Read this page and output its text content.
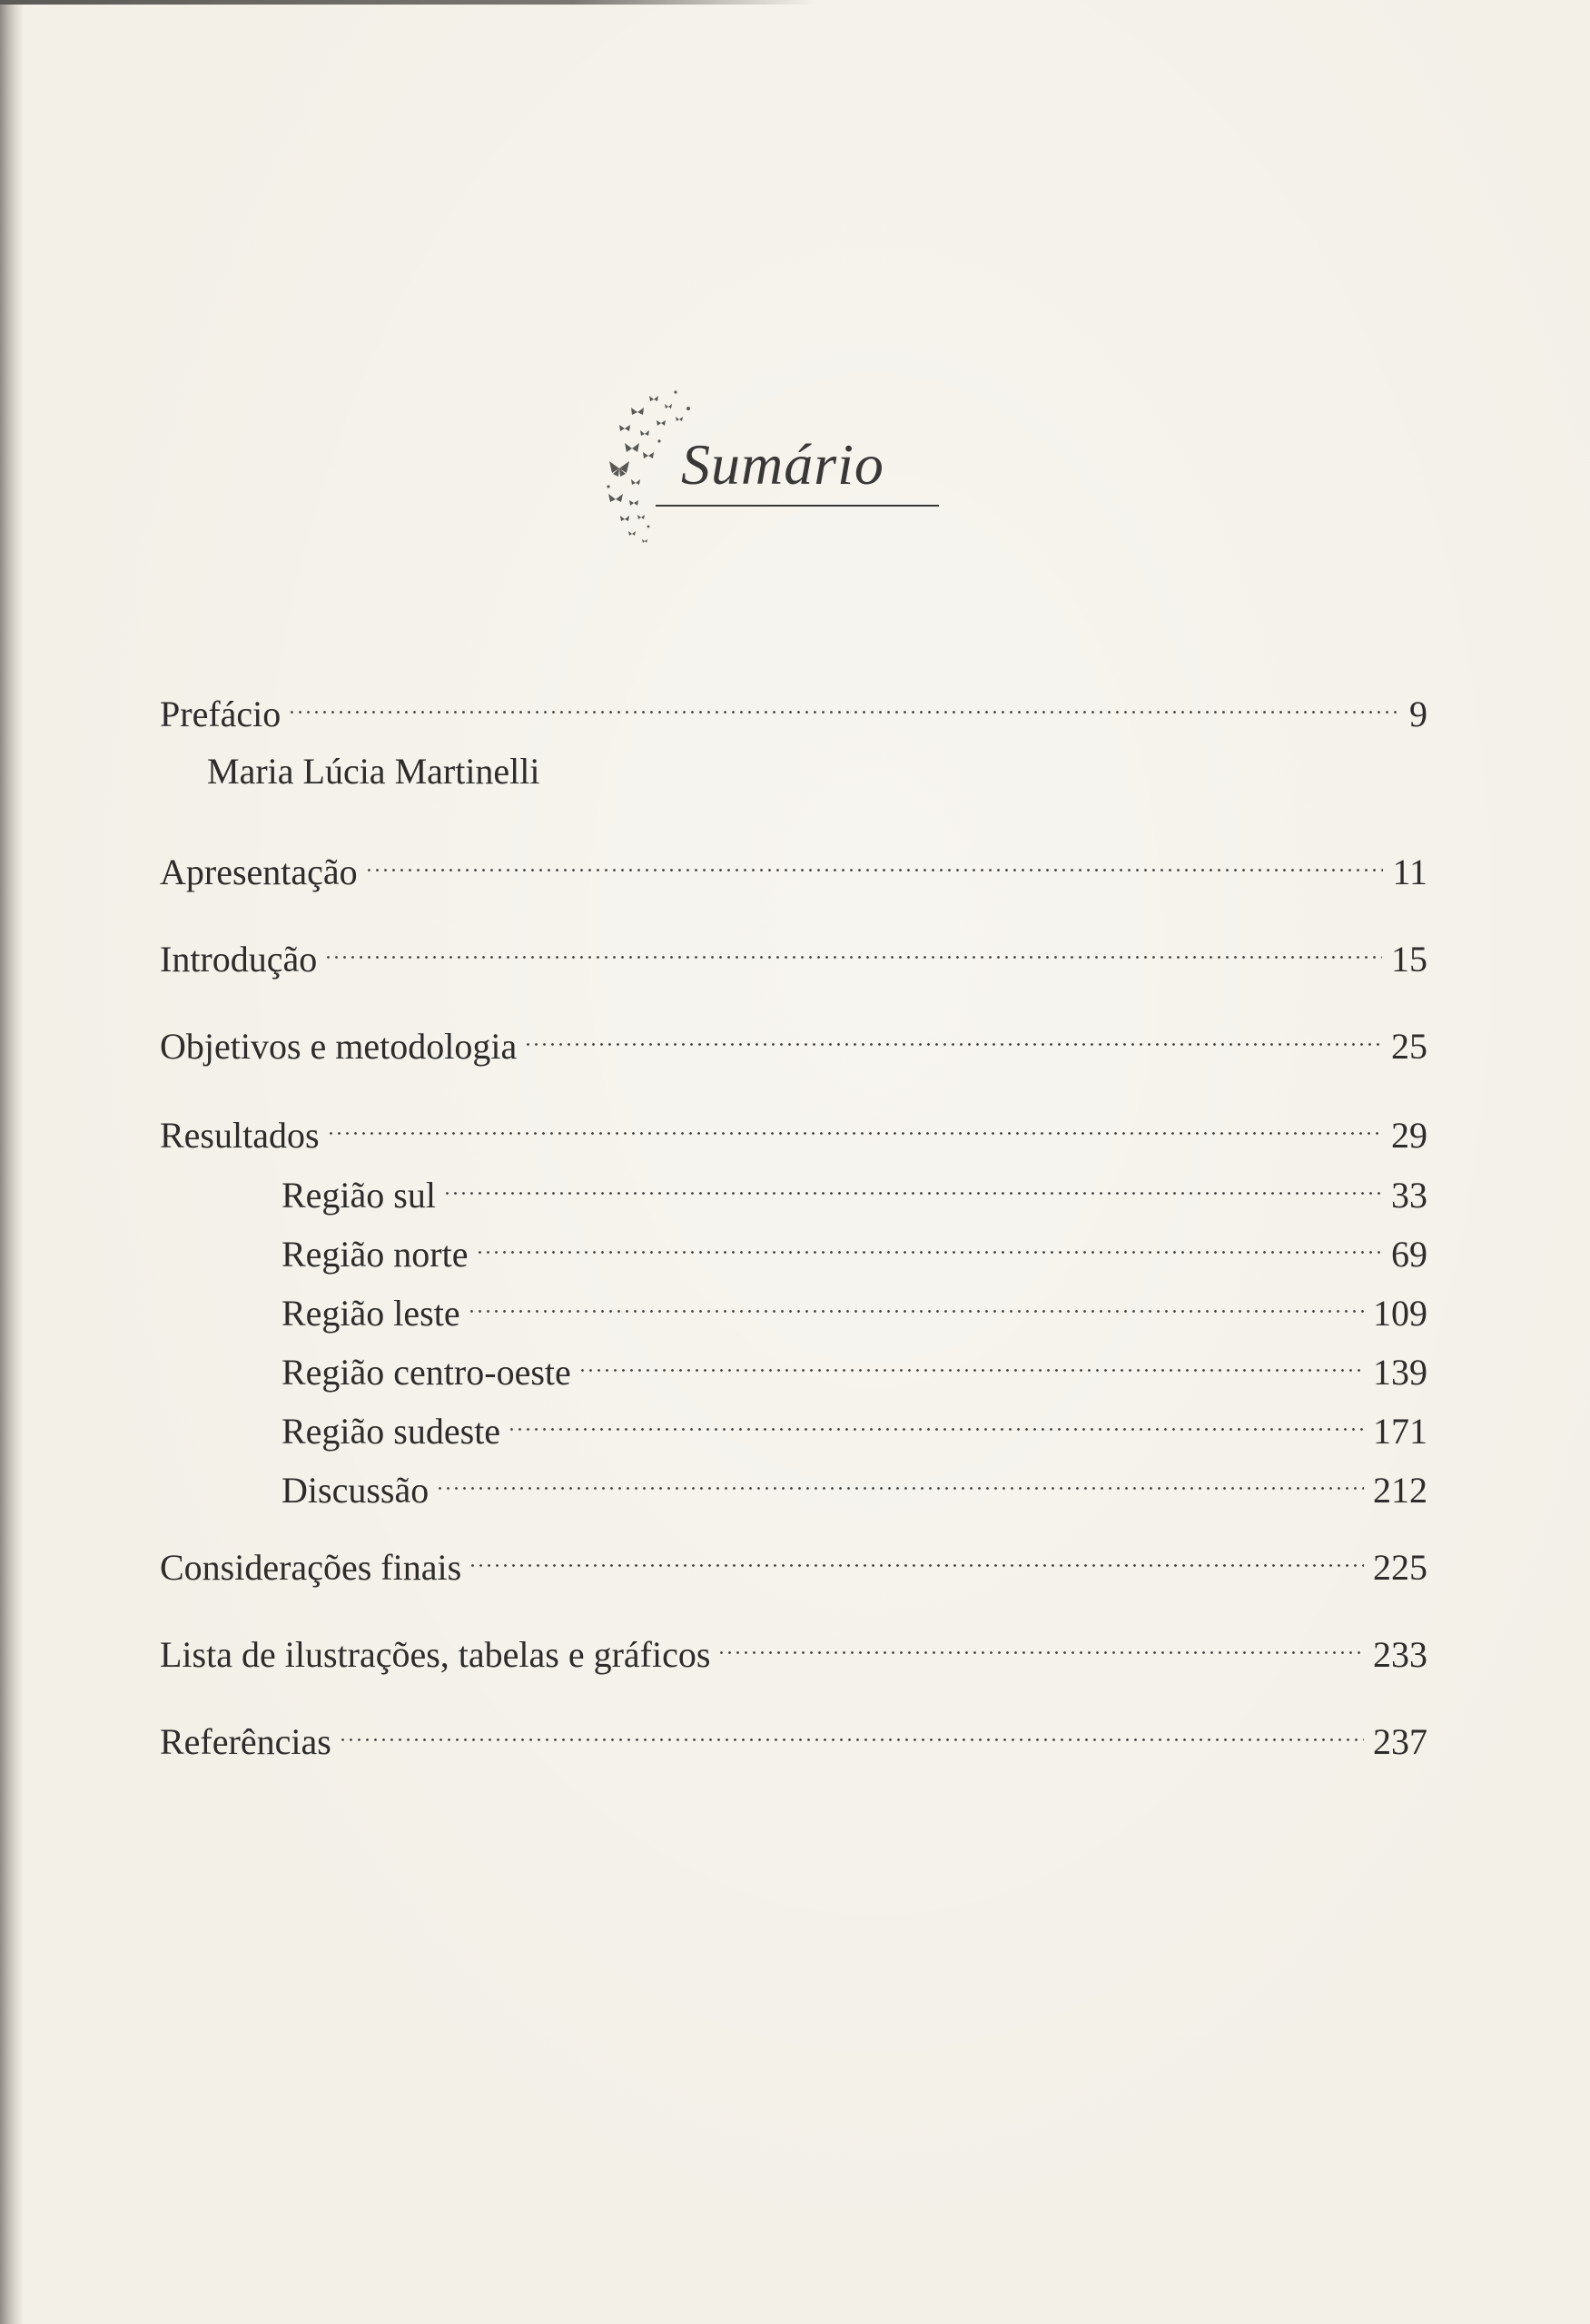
Sumário
Prefácio	9
Maria Lúcia Martinelli
Apresentação	11
Introdução	15
Objetivos e metodologia	25
Resultados	29
Região sul	33
Região norte	69
Região leste	109
Região centro-oeste	139
Região sudeste	171
Discussão	212
Considerações finais	225
Lista de ilustrações, tabelas e gráficos	233
Referências	237
